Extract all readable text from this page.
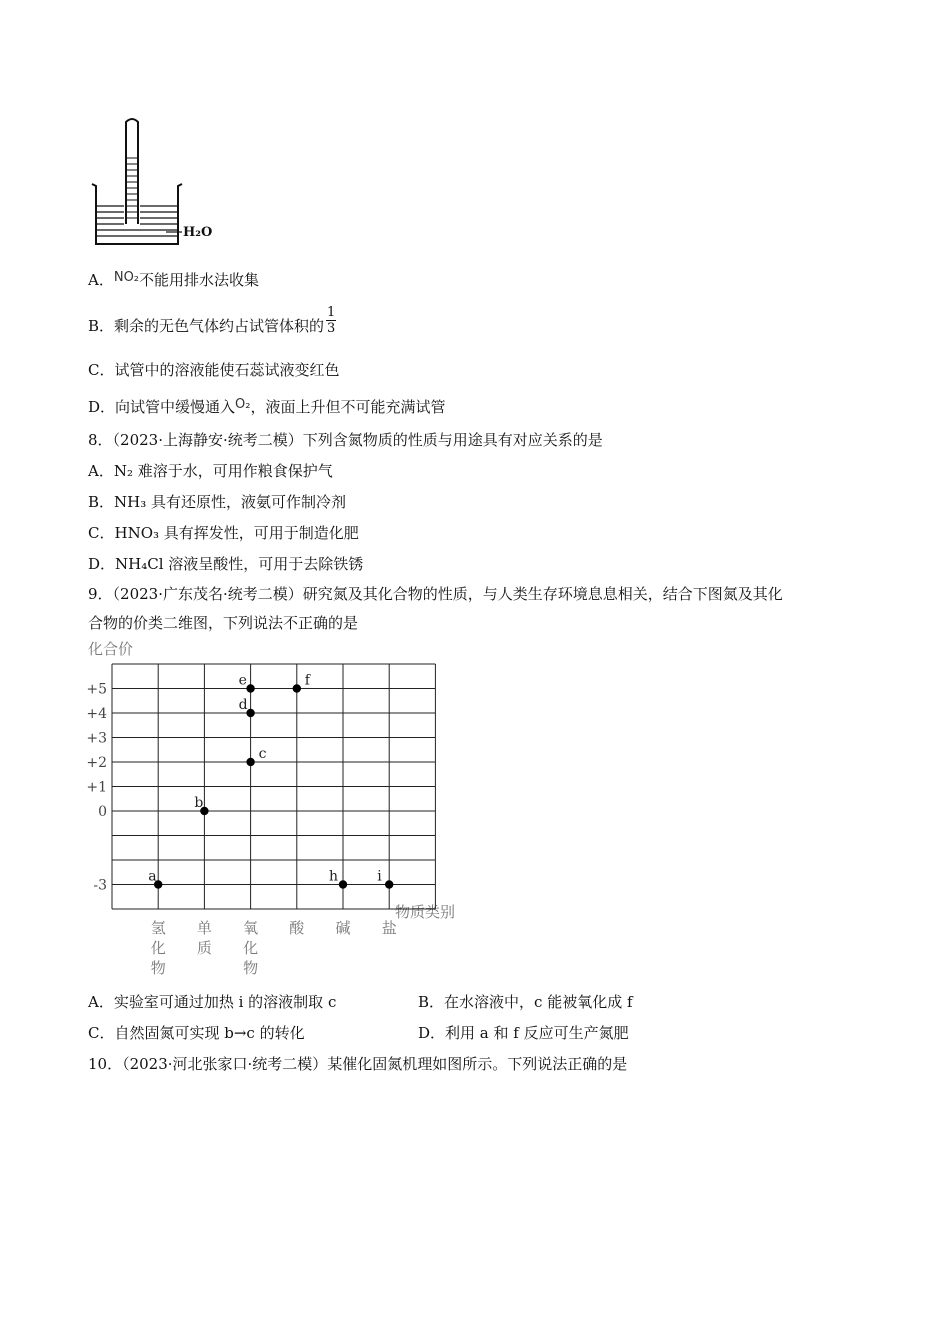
H₂O
A．NO₂不能用排水法收集
B．剩余的无色气体约占试管体积的 $\frac{1}{3}$
C．试管中的溶液能使石蕊试液变红色
D．向试管中缓慢通入O₂，液面上升但不可能充满试管
8．（2023·上海静安·统考二模）下列含氮物质的性质与用途具有对应关系的是
A．N₂ 难溶于水，可用作粮食保护气
B．NH₃ 具有还原性，液氨可作制冷剂
C．HNO₃ 具有挥发性，可用于制造化肥
D．NH₄Cl 溶液呈酸性，可用于去除铁锈
9．（2023·广东茂名·统考二模）研究氮及其化合物的性质，与人类生存环境息息相关，结合下图氮及其化
合物的价类二维图，下列说法不正确的是
化合价
物质类别
+5
+4
+3
+2
+1
0
-3
氢
化
物
单
质
氧
化
物
酸 碱 盐
a
b
c
d
e	f
h	i
A．实验室可通过加热 i 的溶液制取 c	B．在水溶液中，c 能被氧化成 f
C．自然固氮可实现 b→c 的转化	D．利用 a 和 f 反应可生产氮肥
10．（2023·河北张家口·统考二模）某催化固氮机理如图所示。下列说法正确的是
